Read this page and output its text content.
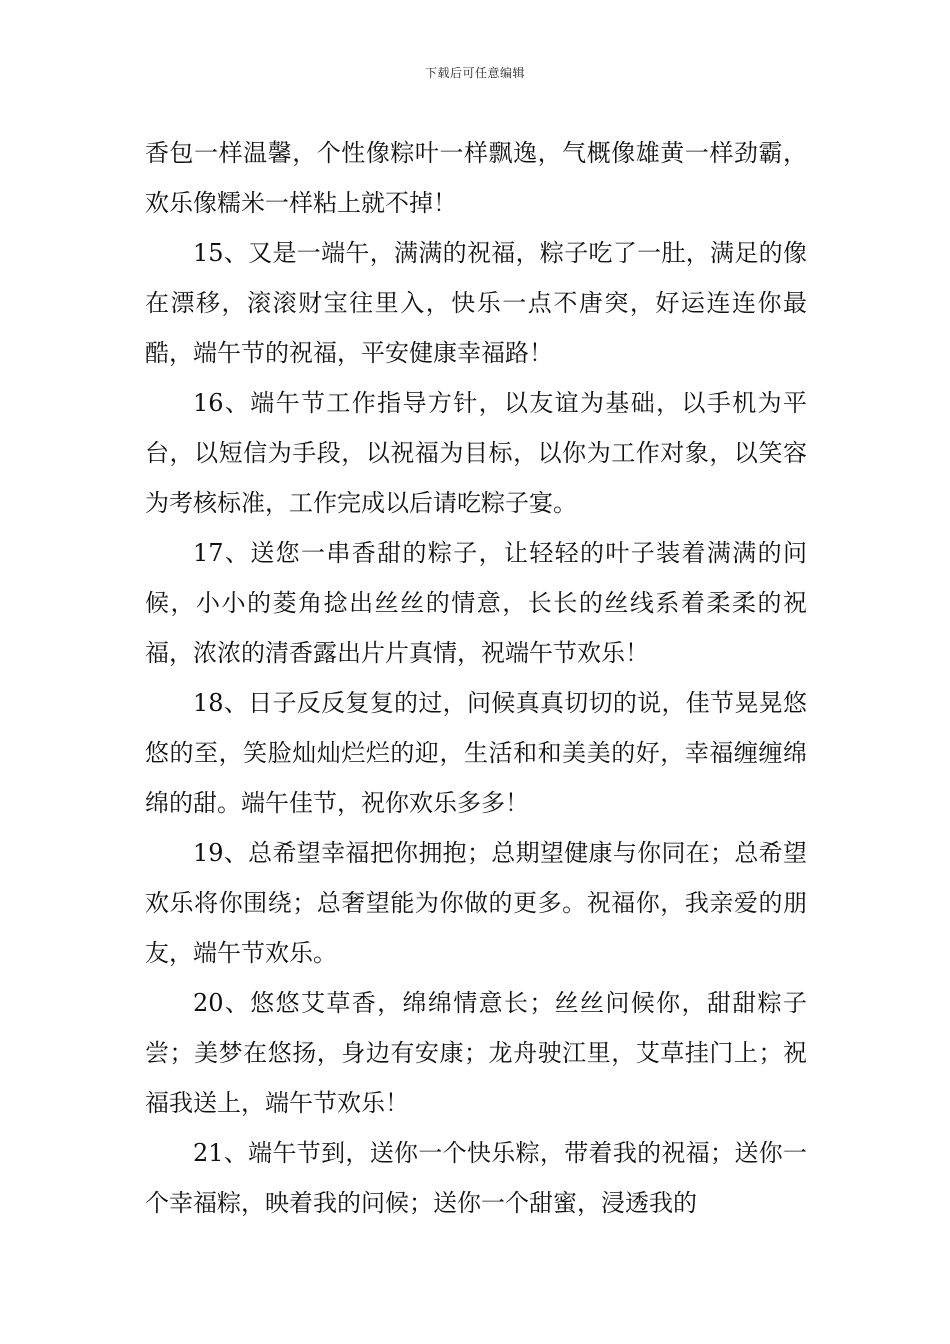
下载后可任意编辑

香包一样温馨，个性像粽叶一样飘逸，气概像雄黄一样劲霸，欢乐像糯米一样粘上就不掉！

15、又是一端午，满满的祝福，粽子吃了一肚，满足的像在漂移，滚滚财宝往里入，快乐一点不唐突，好运连连你最酷，端午节的祝福，平安健康幸福路！

16、端午节工作指导方针，以友谊为基础，以手机为平台，以短信为手段，以祝福为目标，以你为工作对象，以笑容为考核标准，工作完成以后请吃粽子宴。

17、送您一串香甜的粽子，让轻轻的叶子装着满满的问候，小小的菱角捻出丝丝的情意，长长的丝线系着柔柔的祝福，浓浓的清香露出片片真情，祝端午节欢乐！

18、日子反反复复的过，问候真真切切的说，佳节晃晃悠悠的至，笑脸灿灿烂烂的迎，生活和和美美的好，幸福缠缠绵绵的甜。端午佳节，祝你欢乐多多！

19、总希望幸福把你拥抱；总期望健康与你同在；总希望欢乐将你围绕；总奢望能为你做的更多。祝福你，我亲爱的朋友，端午节欢乐。

20、悠悠艾草香，绵绵情意长；丝丝问候你，甜甜粽子尝；美梦在悠扬，身边有安康；龙舟驶江里，艾草挂门上；祝福我送上，端午节欢乐！

21、端午节到，送你一个快乐粽，带着我的祝福；送你一个幸福粽，映着我的问候；送你一个甜蜜，浸透我的
